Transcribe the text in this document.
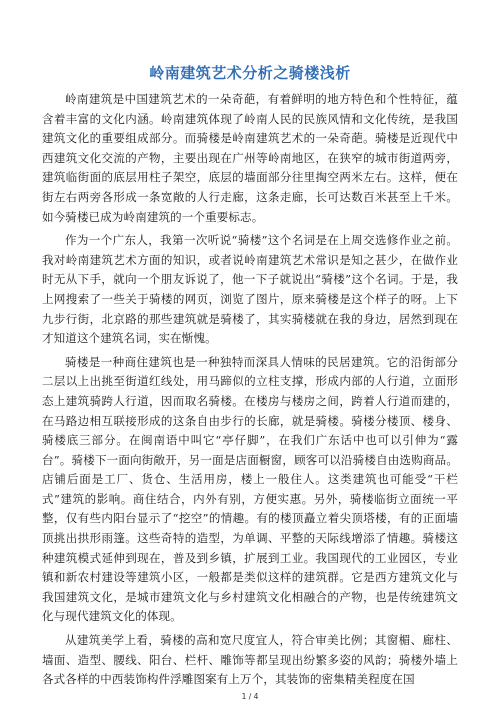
岭南建筑艺术分析之骑楼浅析

岭南建筑是中国建筑艺术的一朵奇葩，有着鲜明的地方特色和个性特征，蕴含着丰富的文化内涵。岭南建筑体现了岭南人民的民族风情和文化传统，是我国建筑文化的重要组成部分。而骑楼是岭南建筑艺术的一朵奇葩。骑楼是近现代中西建筑文化交流的产物，主要出现在广州等岭南地区，在狭窄的城市街道两旁，建筑临街面的底层用柱子架空，底层的墙面部分往里掏空两米左右。这样，便在街左右两旁各形成一条宽敞的人行走廊，这条走廊，长可达数百米甚至上千米。如今骑楼已成为岭南建筑的一个重要标志。

作为一个广东人，我第一次听说“骑楼”这个名词是在上周交选修作业之前。我对岭南建筑艺术方面的知识，或者说岭南建筑艺术常识是知之甚少，在做作业时无从下手，就向一个朋友诉说了，他一下子就说出“骑楼”这个名词。于是，我上网搜索了一些关于骑楼的网页，浏览了图片，原来骑楼是这个样子的呀。上下九步行街，北京路的那些建筑就是骑楼了，其实骑楼就在我的身边，居然到现在才知道这个建筑名词，实在惭愧。

骑楼是一种商住建筑也是一种独特而深具人情味的民居建筑。它的沿街部分二层以上出挑至街道红线处，用马蹄似的立柱支撑，形成内部的人行道，立面形态上建筑骑跨人行道，因而取名骑楼。在楼房与楼房之间，跨着人行道而建的，在马路边相互联接形成的这条自由步行的长廊，就是骑楼。骑楼分楼顶、楼身、骑楼底三部分。在闽南语中叫它“亭仔脚”，在我们广东话中也可以引伸为“露台”。骑楼下一面向街敞开，另一面是店面橱窗，顾客可以沿骑楼自由选购商品。店铺后面是工厂、货仓、生活用房，楼上一般住人。这类建筑也可能受“干栏式”建筑的影响。商住结合，内外有别，方便实惠。另外，骑楼临街立面统一平整，仅有些内阳台显示了“挖空”的情趣。有的楼顶矗立着尖顶塔楼，有的正面墙顶挑出拱形雨篷。这些奇特的造型，为单调、平整的天际线增添了情趣。骑楼这种建筑模式延伸到现在，普及到乡镇，扩展到工业。我国现代的工业园区，专业镇和新农村建设等建筑小区，一般都是类似这样的建筑群。它是西方建筑文化与我国建筑文化，是城市建筑文化与乡村建筑文化相融合的产物，也是传统建筑文化与现代建筑文化的体现。

从建筑美学上看，骑楼的高和宽尺度宜人，符合审美比例；其窗楣、廊柱、墙面、造型、腰线、阳台、栏杆、雕饰等都呈现出纷繁多姿的风韵；骑楼外墙上各式各样的中西装饰构件浮雕图案有上万个，其装饰的密集精美程度在国

1 / 4
